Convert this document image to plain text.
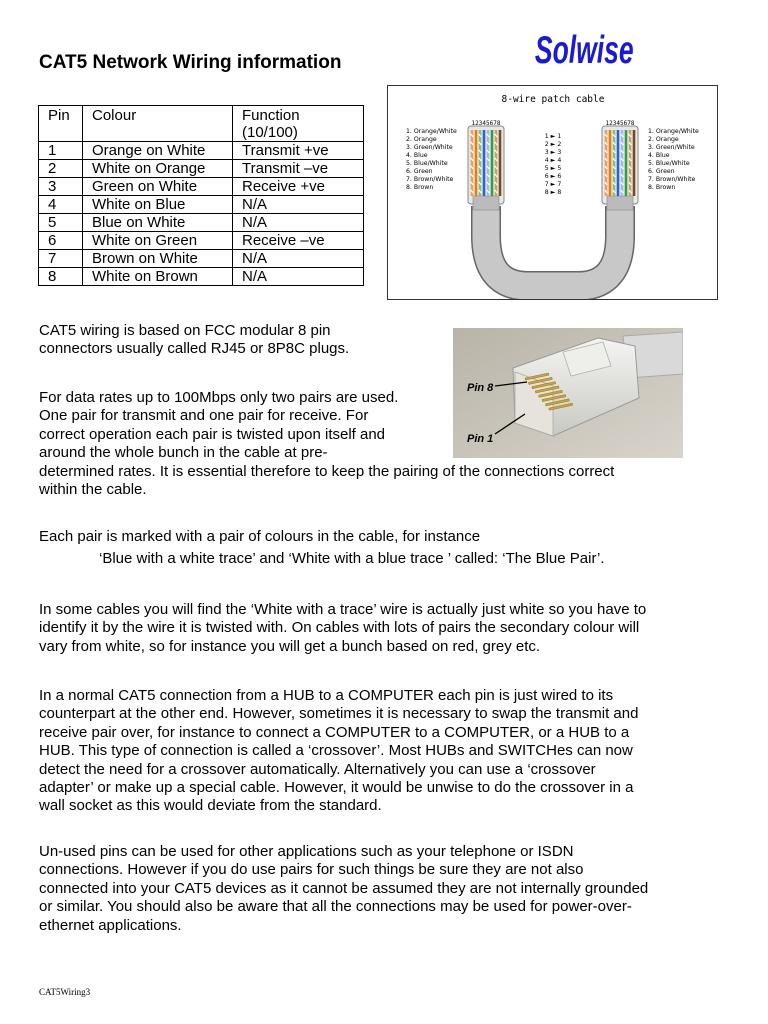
CAT5 Network Wiring information	Solwise
Pin	Colour	Function (10/100)
1	Orange on White	Transmit +ve
2	White on Orange	Transmit –ve
3	Green on White	Receive +ve
4	White on Blue	N/A
5	Blue on White	N/A
6	White on Green	Receive –ve
7	Brown on White	N/A
8	White on Brown	N/A
8-wire patch cable
12345678	12345678
1. Orange/White
2. Orange
3. Green/White
4. Blue
5. Blue/White
6. Green
7. Brown/White
8. Brown
1. Orange/White
2. Orange
3. Green/White
4. Blue
5. Blue/White
6. Green
7. Brown/White
8. Brown
1 ► 1
2 ► 2
3 ► 3
4 ► 4
5 ► 5
6 ► 6
7 ► 7
8 ► 8
Pin 8
Pin 1
CAT5 wiring is based on FCC modular 8 pin
connectors usually called RJ45 or 8P8C plugs.
For data rates up to 100Mbps only two pairs are used.
One pair for transmit and one pair for receive. For
correct operation each pair is twisted upon itself and
around the whole bunch in the cable at pre-
determined rates. It is essential therefore to keep the pairing of the connections correct
within the cable.
Each pair is marked with a pair of colours in the cable, for instance
‘Blue with a white trace’ and ‘White with a blue trace ’ called: ‘The Blue Pair’.
In some cables you will find the ‘White with a trace’ wire is actually just white so you have to
identify it by the wire it is twisted with. On cables with lots of pairs the secondary colour will
vary from white, so for instance you will get a bunch based on red, grey etc.
In a normal CAT5 connection from a HUB to a COMPUTER each pin is just wired to its
counterpart at the other end. However, sometimes it is necessary to swap the transmit and
receive pair over, for instance to connect a COMPUTER to a COMPUTER, or a HUB to a
HUB. This type of connection is called a ‘crossover’. Most HUBs and SWITCHes can now
detect the need for a crossover automatically. Alternatively you can use a ‘crossover
adapter’ or make up a special cable. However, it would be unwise to do the crossover in a
wall socket as this would deviate from the standard.
Un-used pins can be used for other applications such as your telephone or ISDN
connections. However if you do use pairs for such things be sure they are not also
connected into your CAT5 devices as it cannot be assumed they are not internally grounded
or similar. You should also be aware that all the connections may be used for power-over-
ethernet applications.
CAT5Wiring3
